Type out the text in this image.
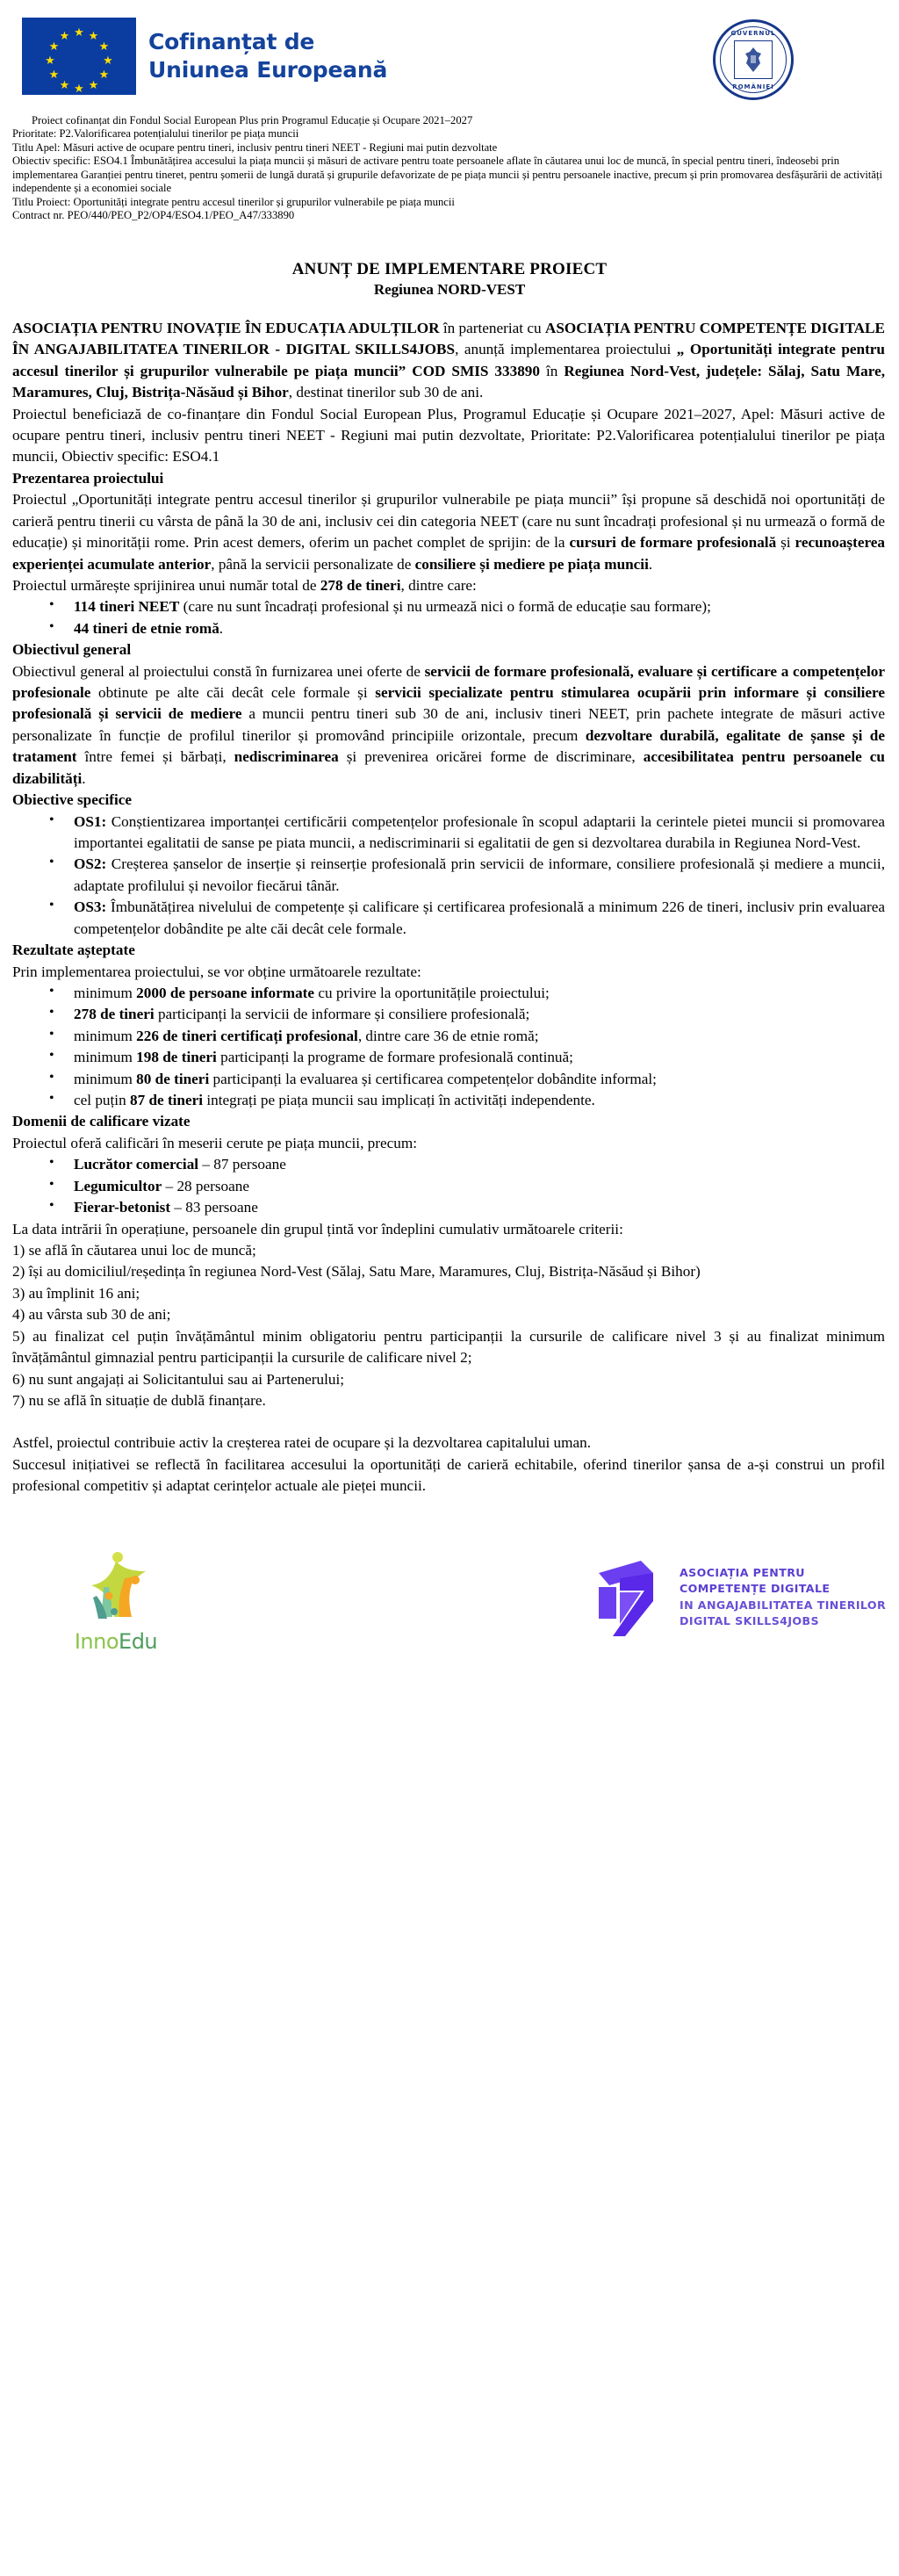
★ ★
★
★
★
★
★
★
★
★
★
★	Cofinanțat de
Uniunea Europeană
GUVERNUL
ROMÂNIEI

Proiect cofinanțat din Fondul Social European Plus prin Programul Educație și Ocupare 2021–2027

Prioritate: P2.Valorificarea potențialului tinerilor pe piața muncii

Titlu Apel: Măsuri active de ocupare pentru tineri, inclusiv pentru tineri NEET - Regiuni mai putin dezvoltate

Obiectiv specific: ESO4.1 Îmbunătățirea accesului la piața muncii și măsuri de activare pentru toate persoanele aflate în căutarea unui loc de muncă, în special pentru tineri, îndeosebi prin implementarea Garanției pentru tineret, pentru șomerii de lungă durată și grupurile defavorizate de pe piața muncii și pentru persoanele inactive, precum și prin promovarea desfășurării de activități independente și a economiei sociale

Titlu Proiect: Oportunități integrate pentru accesul tinerilor și grupurilor vulnerabile pe piața muncii

Contract nr. PEO/440/PEO_P2/OP4/ESO4.1/PEO_A47/333890

ANUNȚ DE IMPLEMENTARE PROIECT
Regiunea NORD-VEST

ASOCIAȚIA PENTRU INOVAȚIE ÎN EDUCAȚIA ADULȚILOR în parteneriat cu ASOCIAȚIA PENTRU COMPETENȚE DIGITALE ÎN ANGAJABILITATEA TINERILOR - DIGITAL SKILLS4JOBS, anunță implementarea proiectului „ Oportunități integrate pentru accesul tinerilor și grupurilor vulnerabile pe piața muncii” COD SMIS 333890 în Regiunea Nord-Vest, județele: Sălaj, Satu Mare, Maramures, Cluj, Bistrița-Năsăud și Bihor, destinat tinerilor sub 30 de ani.

Proiectul beneficiază de co-finanțare din Fondul Social European Plus, Programul Educație și Ocupare 2021–2027, Apel: Măsuri active de ocupare pentru tineri, inclusiv pentru tineri NEET - Regiuni mai putin dezvoltate, Prioritate: P2.Valorificarea potențialului tinerilor pe piața muncii, Obiectiv specific: ESO4.1

Prezentarea proiectului

Proiectul „Oportunități integrate pentru accesul tinerilor și grupurilor vulnerabile pe piața muncii” își propune să deschidă noi oportunități de carieră pentru tinerii cu vârsta de până la 30 de ani, inclusiv cei din categoria NEET (care nu sunt încadrați profesional și nu urmează o formă de educație) și minorității rome. Prin acest demers, oferim un pachet complet de sprijin: de la cursuri de formare profesională și recunoașterea experienței acumulate anterior, până la servicii personalizate de consiliere și mediere pe piața muncii.

Proiectul urmărește sprijinirea unui număr total de 278 de tineri, dintre care:

• 114 tineri NEET (care nu sunt încadrați profesional și nu urmează nici o formă de educație sau formare);
• 44 tineri de etnie romă.
Obiectivul general

Obiectivul general al proiectului constă în furnizarea unei oferte de servicii de formare profesională, evaluare și certificare a competențelor profesionale obtinute pe alte căi decât cele formale și servicii specializate pentru stimularea ocupării prin informare și consiliere profesională și servicii de mediere a muncii pentru tineri sub 30 de ani, inclusiv tineri NEET, prin pachete integrate de măsuri active personalizate în funcție de profilul tinerilor și promovând principiile orizontale, precum dezvoltare durabilă, egalitate de șanse și de tratament între femei și bărbați, nediscriminarea și prevenirea oricărei forme de discriminare, accesibilitatea pentru persoanele cu dizabilități.

Obiective specifice
• OS1: Conștientizarea importanței certificării competențelor profesionale în scopul adaptarii la cerintele pietei muncii si promovarea importantei egalitatii de sanse pe piata muncii, a nediscriminarii si egalitatii de gen si dezvoltarea durabila in Regiunea Nord-Vest.
• OS2: Creșterea șanselor de inserție și reinserție profesională prin servicii de informare, consiliere profesională și mediere a muncii, adaptate profilului și nevoilor fiecărui tânăr.
• OS3: Îmbunătățirea nivelului de competențe și calificare și certificarea profesională a minimum 226 de tineri, inclusiv prin evaluarea competențelor dobândite pe alte căi decât cele formale.
Rezultate așteptate

Prin implementarea proiectului, se vor obține următoarele rezultate:

• minimum 2000 de persoane informate cu privire la oportunitățile proiectului;
• 278 de tineri participanți la servicii de informare și consiliere profesională;
• minimum 226 de tineri certificați profesional, dintre care 36 de etnie romă;
• minimum 198 de tineri participanți la programe de formare profesională continuă;
• minimum 80 de tineri participanți la evaluarea și certificarea competențelor dobândite informal;
• cel puțin 87 de tineri integrați pe piața muncii sau implicați în activități independente.
Domenii de calificare vizate

Proiectul oferă calificări în meserii cerute pe piața muncii, precum:

• Lucrător comercial – 87 persoane
• Legumicultor – 28 persoane
• Fierar-betonist – 83 persoane

La data intrării în operațiune, persoanele din grupul țintă vor îndeplini cumulativ următoarele criterii:

1) se află în căutarea unui loc de muncă;

2) își au domiciliul/reședința în regiunea Nord-Vest (Sălaj, Satu Mare, Maramures, Cluj, Bistrița-Năsăud și Bihor)

3) au împlinit 16 ani;

4) au vârsta sub 30 de ani;

5) au finalizat cel puțin învățământul minim obligatoriu pentru participanții la cursurile de calificare nivel 3 și au finalizat minimum învățământul gimnazial pentru participanții la cursurile de calificare nivel 2;

6) nu sunt angajați ai Solicitantului sau ai Partenerului;

7) nu se află în situație de dublă finanțare.

Astfel, proiectul contribuie activ la creșterea ratei de ocupare și la dezvoltarea capitalului uman.

Succesul inițiativei se reflectă în facilitarea accesului la oportunități de carieră echitabile, oferind tinerilor șansa de a-și construi un profil profesional competitiv și adaptat cerințelor actuale ale pieței muncii.

InnoEdu
ASOCIAȚIA PENTRU
COMPETENȚE DIGITALE
IN ANGAJABILITATEA TINERILOR
DIGITAL SKILLS4JOBS
